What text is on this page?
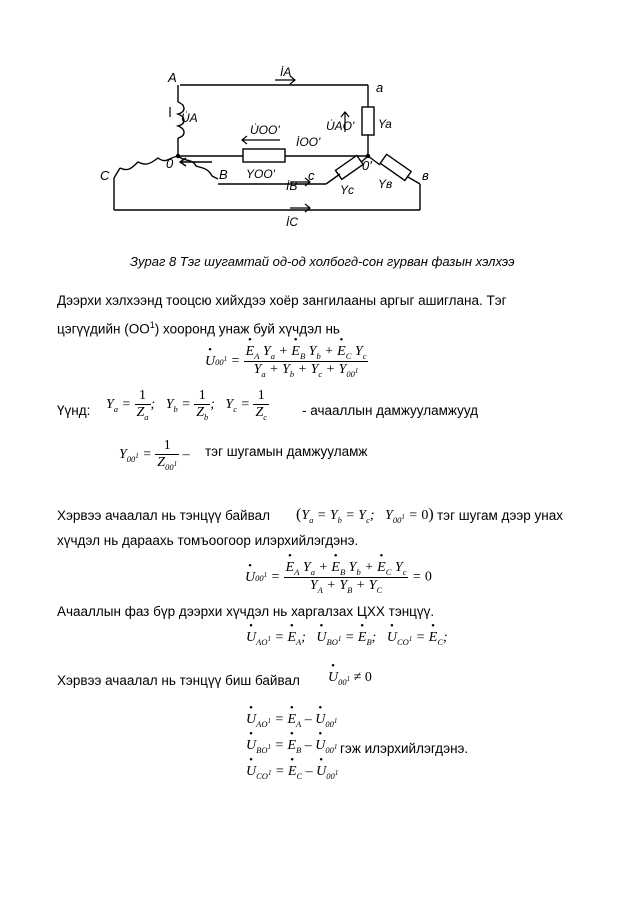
A
a
C	B	c	в
0	0'
U̇A
İA
İB
İC
İOO'
U̇OO'
YOO'
U̇AO' Ya
Yc Yв
Зураг 8 Тэг шугамтай од-од холбогд-сон гурван фазын хэлхээ
Дээрхи хэлхээнд тооцсю хийхдээ хоёр зангилааны аргыг ашиглана. Тэг
цэгүүдийн $(ОО^1)$ хооронд унаж буй хүчдэл нь
• $U00^1$ = • $\frac{E_A Y_a + • E_B Y_b + • E_C Y_c}{Y_a + Y_b + Y_c + Y_{00^1}}$
Үүнд: $Y_a = \frac{1}{Z_a}$ ;   $Y_b = \frac{1}{Z_b}$ ;   $Y_c = \frac{1}{Z_c}$ - ачааллын дамжууламжууд
$Y_{00^1} = \frac{1}{Z_{00^1}}$ – тэг шугамын дамжууламж
Хэрвээ ачаалал нь тэнцүү байвал ($Y_a = Y_b = Y_c$;   $Y_{00^1} = 0$) тэг шугам дээр унах
хүчдэл нь дараахь томъоогоор илэрхийлэгдэнэ.
• $U00^1$ = • $\frac{E_A Y_a + • E_B Y_b + • E_C Y_c}{Y_A + Y_B + Y_C} = 0$
Ачааллын фаз бүр дээрхи хүчдэл нь харгалзах ЦХХ тэнцүү.
• $U_{AO^1}$ = • $E_A$;   • $U_{BO^1}$ = • $E_B$;   • $U_{CO^1}$ = • $E_C$;
Хэрвээ ачаалал нь тэнцүү биш байвал • $U_{00^1} \ne 0$
• $U_{AO^1}$ = • $E_A$ – • $U_{00^1}$
• $U_{BO^1}$ = • $E_B$ – • $U_{00^1}$ гэж илэрхийлэгдэнэ.
• $U_{CO^1}$ = • $E_C$ – • $U_{00^1}$
